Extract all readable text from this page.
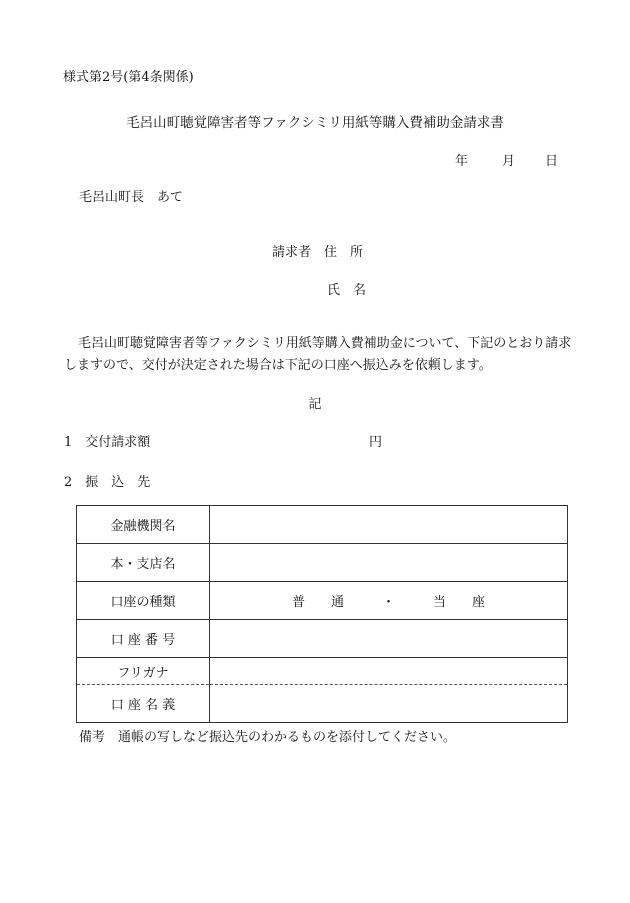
様式第2号(第4条関係)
毛呂山町聴覚障害者等ファクシミリ用紙等購入費補助金請求書
年	月 日
毛呂山町長　あて
請求者　住　所
氏　名
毛呂山町聴覚障害者等ファクシミリ用紙等購入費補助金について、下記のとおり請求しますので、交付が決定された場合は下記の口座へ振込みを依頼します。
記
1　交付請求額	円
2　振　込　先
金融機関名	
本・支店名	
口座の種類	普　　通 ・ 当　　座
口 座 番 号	
フリガナ	
口 座 名 義	
備考　通帳の写しなど振込先のわかるものを添付してください。
